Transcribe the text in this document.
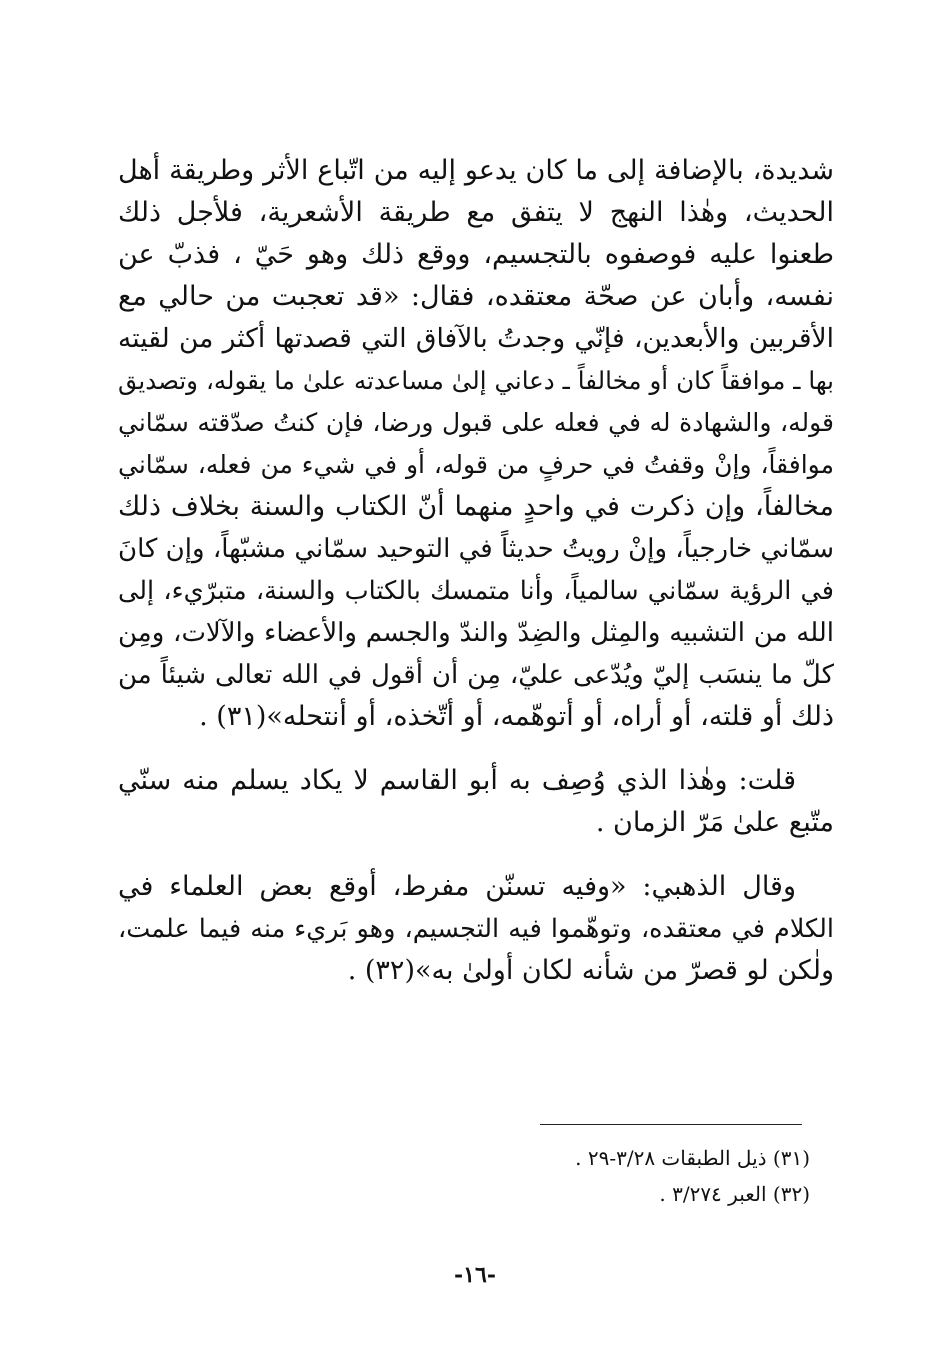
شديدة، بالإضافة إلى ما كان يدعو إليه من اتّباع الأثر وطريقة أهل
الحديث، وهٰذا النهج لا يتفق مع طريقة الأشعرية، فلأجل ذلك
طعنوا عليه فوصفوه بالتجسيم، ووقع ذلك وهو حَيّ ، فذبّ عن
نفسه، وأبان عن صحّة معتقده، فقال: «قد تعجبت من حالي مع
الأقربين والأبعدين، فإنّي وجدتُ بالآفاق التي قصدتها أكثر من لقيته
بها ـ موافقاً كان أو مخالفاً ـ دعاني إلىٰ مساعدته علىٰ ما يقوله، وتصديق
قوله، والشهادة له في فعله على قبول ورضا، فإن كنتُ صدّقته سمّاني
موافقاً، وإنْ وقفتُ في حرفٍ من قوله، أو في شيء من فعله، سمّاني
مخالفاً، وإن ذكرت في واحدٍ منهما أنّ الكتاب والسنة بخلاف ذلك
سمّاني خارجياً، وإنْ رويتُ حديثاً في التوحيد سمّاني مشبّهاً، وإن كانَ
في الرؤية سمّاني سالمياً، وأنا متمسك بالكتاب والسنة، متبرّيء، إلى
الله من التشبيه والمِثل والضِدّ والندّ والجسم والأعضاء والآلات، ومِن
كلّ ما ينسَب إليّ ويُدّعى عليّ، مِن أن أقول في الله تعالى شيئاً من
ذلك أو قلته، أو أراه، أو أتوهّمه، أو أتّخذه، أو أنتحله»(٣١) .

قلت: وهٰذا الذي وُصِف به أبو القاسم لا يكاد يسلم منه سنّي
متّبع علىٰ مَرّ الزمان .

وقال الذهبي: «وفيه تسنّن مفرط، أوقع بعض العلماء في
الكلام في معتقده، وتوهّموا فيه التجسيم، وهو بَريء منه فيما علمت،
ولٰكن لو قصرّ من شأنه لكان أولىٰ به»(٣٢) .

(٣١) ذيل الطبقات ٣/٢٨-٢٩ .
(٣٢) العبر ٣/٢٧٤ .
-١٦-
